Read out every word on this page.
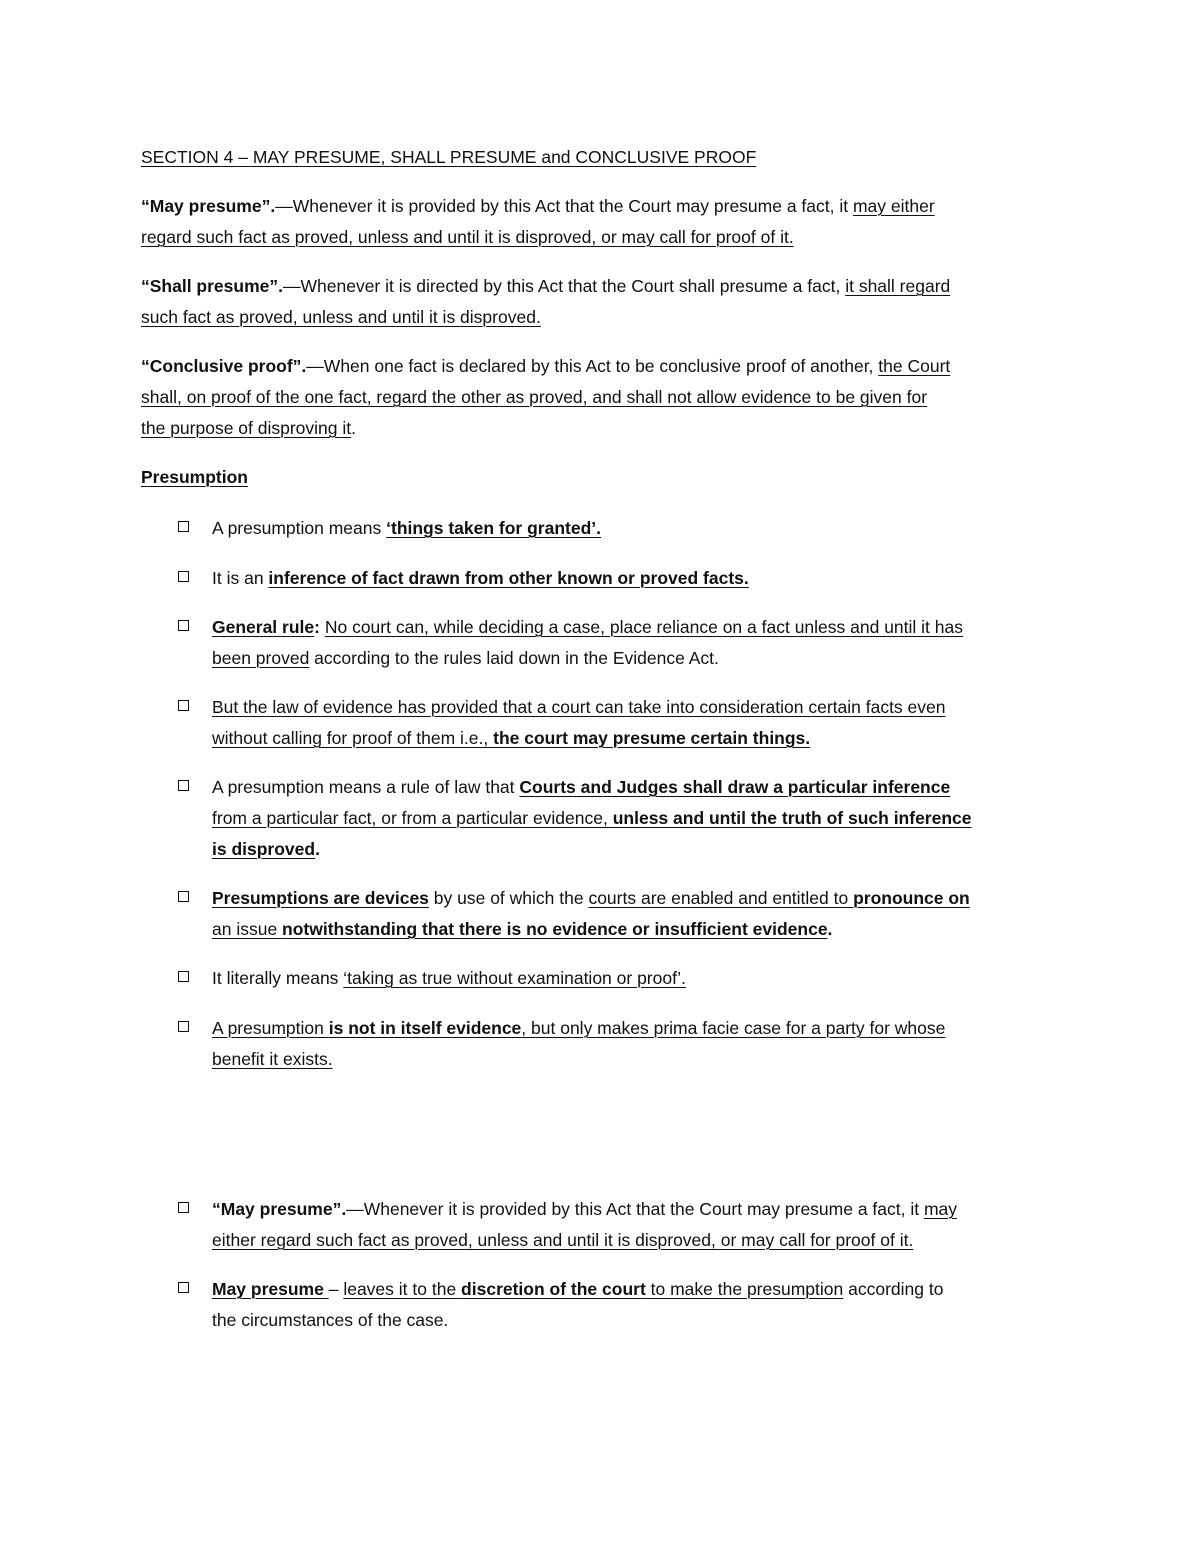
SECTION 4 – MAY PRESUME, SHALL PRESUME and CONCLUSIVE PROOF
“May presume”.—Whenever it is provided by this Act that the Court may presume a fact, it may either
regard such fact as proved, unless and until it is disproved, or may call for proof of it.
“Shall presume”.—Whenever it is directed by this Act that the Court shall presume a fact, it shall regard
such fact as proved, unless and until it is disproved.
“Conclusive proof”.—When one fact is declared by this Act to be conclusive proof of another, the Court
shall, on proof of the one fact, regard the other as proved, and shall not allow evidence to be given for
the purpose of disproving it.
Presumption
A presumption means ‘things taken for granted’.
It is an inference of fact drawn from other known or proved facts.
General rule: No court can, while deciding a case, place reliance on a fact unless and until it has
been proved according to the rules laid down in the Evidence Act.
But the law of evidence has provided that a court can take into consideration certain facts even
without calling for proof of them i.e., the court may presume certain things.
A presumption means a rule of law that Courts and Judges shall draw a particular inference
from a particular fact, or from a particular evidence, unless and until the truth of such inference
is disproved.
Presumptions are devices by use of which the courts are enabled and entitled to pronounce on
an issue notwithstanding that there is no evidence or insufficient evidence.
It literally means ‘taking as true without examination or proof’.
A presumption is not in itself evidence, but only makes prima facie case for a party for whose
benefit it exists.
“May presume”.—Whenever it is provided by this Act that the Court may presume a fact, it may
either regard such fact as proved, unless and until it is disproved, or may call for proof of it.
May presume – leaves it to the discretion of the court to make the presumption according to
the circumstances of the case.
